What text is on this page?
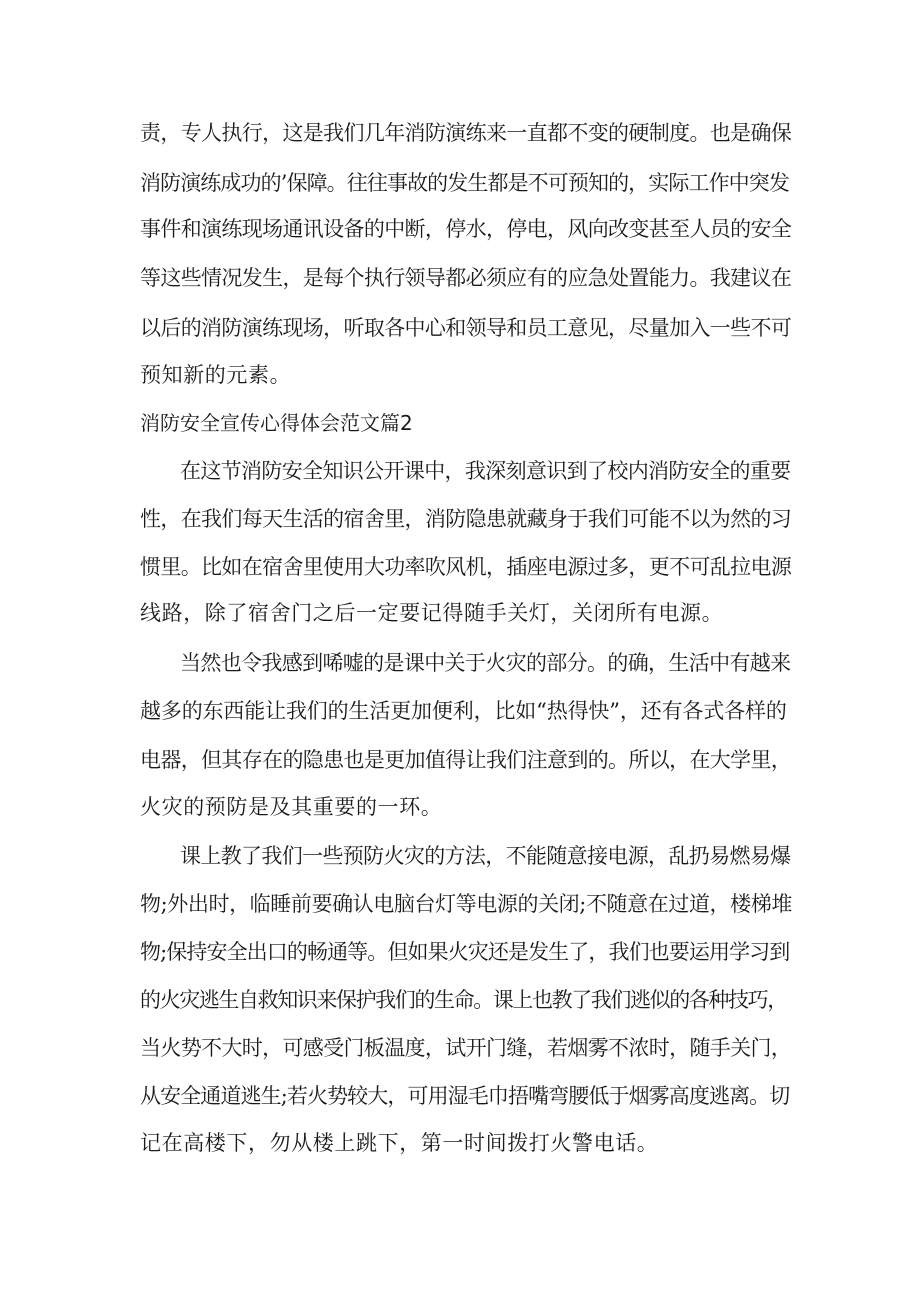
责，专人执行，这是我们几年消防演练来一直都不变的硬制度。也是确保

消防演练成功的’保障。往往事故的发生都是不可预知的，实际工作中突发

事件和演练现场通讯设备的中断，停水，停电，风向改变甚至人员的安全

等这些情况发生，是每个执行领导都必须应有的应急处置能力。我建议在

以后的消防演练现场，听取各中心和领导和员工意见，尽量加入一些不可

预知新的元素。

消防安全宣传心得体会范文篇2

在这节消防安全知识公开课中，我深刻意识到了校内消防安全的重要

性，在我们每天生活的宿舍里，消防隐患就藏身于我们可能不以为然的习

惯里。比如在宿舍里使用大功率吹风机，插座电源过多，更不可乱拉电源

线路，除了宿舍门之后一定要记得随手关灯，关闭所有电源。

当然也令我感到唏嘘的是课中关于火灾的部分。的确，生活中有越来

越多的东西能让我们的生活更加便利，比如“热得快”，还有各式各样的

电器，但其存在的隐患也是更加值得让我们注意到的。所以，在大学里，

火灾的预防是及其重要的一环。

课上教了我们一些预防火灾的方法，不能随意接电源，乱扔易燃易爆

物;外出时，临睡前要确认电脑台灯等电源的关闭;不随意在过道，楼梯堆

物;保持安全出口的畅通等。但如果火灾还是发生了，我们也要运用学习到

的火灾逃生自救知识来保护我们的生命。课上也教了我们逃似的各种技巧，

当火势不大时，可感受门板温度，试开门缝，若烟雾不浓时，随手关门，

从安全通道逃生;若火势较大，可用湿毛巾捂嘴弯腰低于烟雾高度逃离。切

记在高楼下，勿从楼上跳下，第一时间拨打火警电话。
